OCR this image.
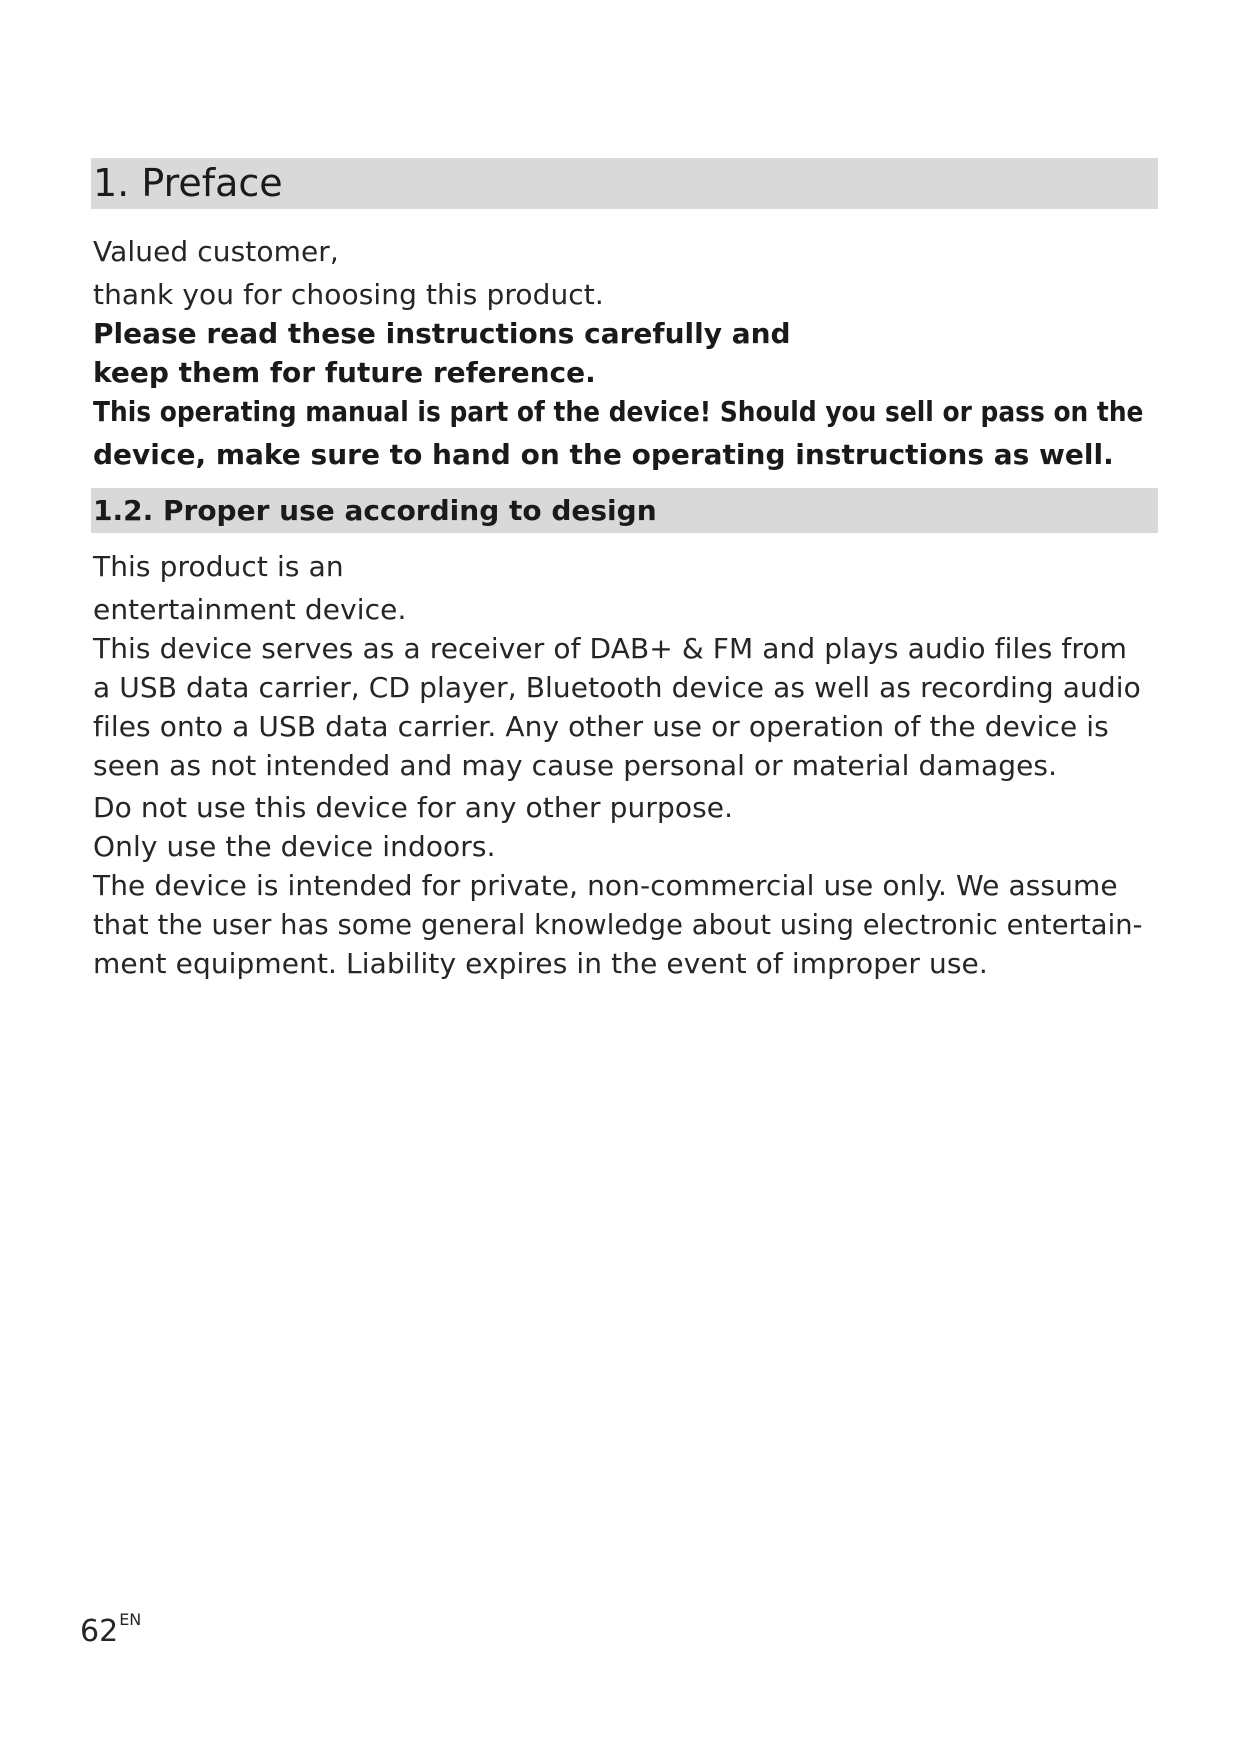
1. Preface
Valued customer,
thank you for choosing this product.
Please read these instructions carefully and
keep them for future reference.
This operating manual is part of the device! Should you sell or pass on the
device, make sure to hand on the operating instructions as well.
1.2. Proper use according to design
This product is an
entertainment device.
This device serves as a receiver of DAB+ & FM and plays audio files from
a USB data carrier, CD player, Bluetooth device as well as recording audio
files onto a USB data carrier. Any other use or operation of the device is
seen as not intended and may cause personal or material damages.
Do not use this device for any other purpose.
Only use the device indoors.
The device is intended for private, non-commercial use only. We assume
that the user has some general knowledge about using electronic entertain-
ment equipment. Liability expires in the event of improper use.
$62^{EN}$
